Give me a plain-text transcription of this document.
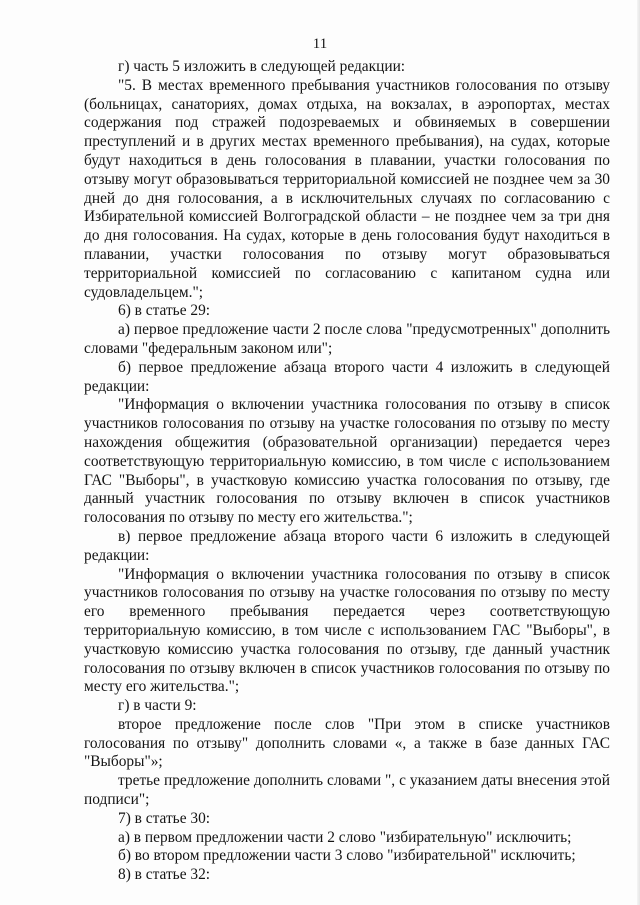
11

г) часть 5 изложить в следующей редакции:

"5. В местах временного пребывания участников голосования по отзыву (больницах, санаториях, домах отдыха, на вокзалах, в аэропортах, местах содержания под стражей подозреваемых и обвиняемых в совершении преступлений и в других местах временного пребывания), на судах, которые будут находиться в день голосования в плавании, участки голосования по отзыву могут образовываться территориальной комиссией не позднее чем за 30 дней до дня голосования, а в исключительных случаях по согласованию с Избирательной комиссией Волгоградской области – не позднее чем за три дня до дня голосования. На судах, которые в день голосования будут находиться в плавании, участки голосования по отзыву могут образовываться территориальной комиссией по согласованию с капитаном судна или судовладельцем.";

6) в статье 29:

а) первое предложение части 2 после слова "предусмотренных" дополнить словами "федеральным законом или";

б) первое предложение абзаца второго части 4 изложить в следующей редакции:

"Информация о включении участника голосования по отзыву в список участников голосования по отзыву на участке голосования по отзыву по месту нахождения общежития (образовательной организации) передается через соответствующую территориальную комиссию, в том числе с использованием ГАС "Выборы", в участковую комиссию участка голосования по отзыву, где данный участник голосования по отзыву включен в список участников голосования по отзыву по месту его жительства.";

в) первое предложение абзаца второго части 6 изложить в следующей редакции:

"Информация о включении участника голосования по отзыву в список участников голосования по отзыву на участке голосования по отзыву по месту его временного пребывания передается через соответствующую территориальную комиссию, в том числе с использованием ГАС "Выборы", в участковую комиссию участка голосования по отзыву, где данный участник голосования по отзыву включен в список участников голосования по отзыву по месту его жительства.";

г) в части 9:

второе предложение после слов "При этом в списке участников голосования по отзыву" дополнить словами «, а также в базе данных ГАС "Выборы"»;

третье предложение дополнить словами ", с указанием даты внесения этой подписи";

7) в статье 30:

а) в первом предложении части 2 слово "избирательную" исключить;

б) во втором предложении части 3 слово "избирательной" исключить;

8) в статье 32:
